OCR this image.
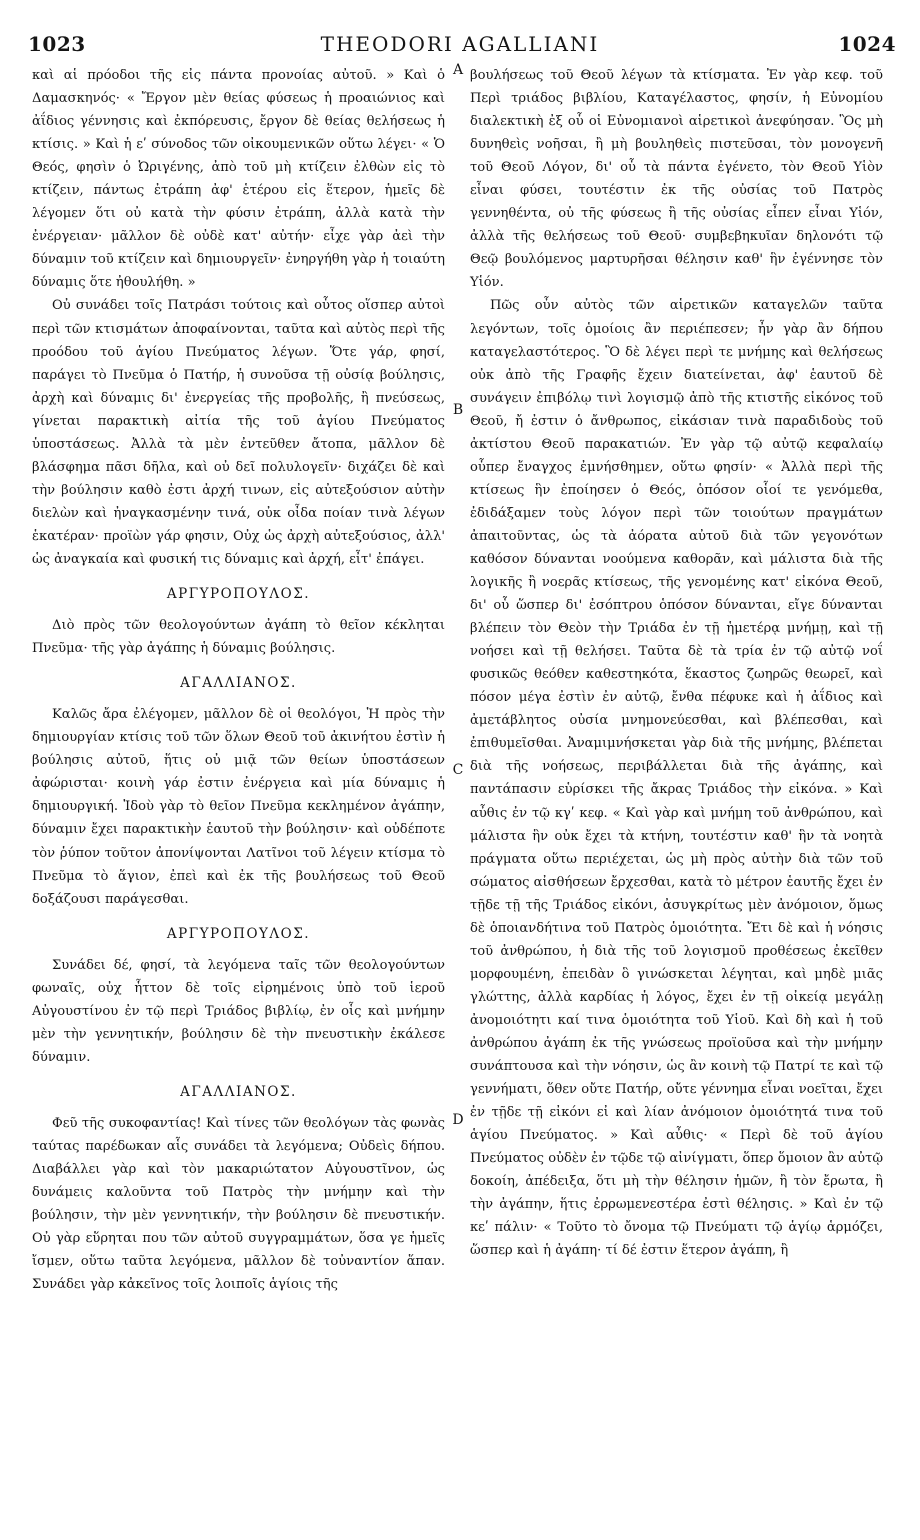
1023	THEODORI AGALLIANI	1024

καὶ αἱ πρόοδοι τῆς εἰς πάντα προνοίας αὐτοῦ. » Καὶ ὁ Δαμασκηνός· « Ἔργον μὲν θείας φύσεως ἡ προαιώνιος καὶ ἀΐδιος γέννησις καὶ ἐκπόρευσις, ἔργον δὲ θείας θελήσεως ἡ κτίσις. » Καὶ ἡ εʹ σύνοδος τῶν οἰκουμενικῶν οὕτω λέγει· « Ὁ Θεός, φησὶν ὁ Ὠριγένης, ἀπὸ τοῦ μὴ κτίζειν ἐλθὼν εἰς τὸ κτίζειν, πάντως ἐτράπη ἀφ' ἑτέρου εἰς ἕτερον, ἡμεῖς δὲ λέγομεν ὅτι οὐ κατὰ τὴν φύσιν ἐτράπη, ἀλλὰ κατὰ τὴν ἐνέργειαν· μᾶλλον δὲ οὐδὲ κατ' αὐτήν· εἶχε γὰρ ἀεὶ τὴν δύναμιν τοῦ κτίζειν καὶ δημιουργεῖν· ἐνηργήθη γὰρ ἡ τοιαύτη δύναμις ὅτε ἠθουλήθη. »

Οὐ συνάδει τοῖς Πατράσι τούτοις καὶ οὗτος οἵσπερ αὐτοὶ περὶ τῶν κτισμάτων ἀποφαίνονται, ταῦτα καὶ αὐτὸς περὶ τῆς προόδου τοῦ ἁγίου Πνεύματος λέγων. Ὅτε γάρ, φησί, παράγει τὸ Πνεῦμα ὁ Πατήρ, ἡ συνοῦσα τῇ οὐσίᾳ βούλησις, ἀρχὴ καὶ δύναμις δι' ἐνεργείας τῆς προβολῆς, ἢ πνεύσεως, γίνεται παρακτικὴ αἰτία τῆς τοῦ ἁγίου Πνεύματος ὑποστάσεως. Ἀλλὰ τὰ μὲν ἐντεῦθεν ἄτοπα, μᾶλλον δὲ βλάσφημα πᾶσι δῆλα, καὶ οὐ δεῖ πολυλογεῖν· διχάζει δὲ καὶ τὴν βούλησιν καθὸ ἐστι ἀρχή τινων, εἰς αὐτεξούσιον αὐτὴν διελὼν καὶ ἠναγκασμένην τινά, οὐκ οἶδα ποίαν τινὰ λέγων ἑκατέραν· προϊὼν γάρ φησιν, Οὐχ ὡς ἀρχὴ αὐτεξούσιος, ἀλλ' ὡς ἀναγκαία καὶ φυσική τις δύναμις καὶ ἀρχή, εἶτ' ἐπάγει.

ΑΡΓΥΡΟΠΟΥΛΟΣ.

Διὸ πρὸς τῶν θεολογούντων ἀγάπη τὸ θεῖον κέκληται Πνεῦμα· τῆς γὰρ ἀγάπης ἡ δύναμις βούλησις.

ΑΓΑΛΛΙΑΝΟΣ.

Καλῶς ἄρα ἐλέγομεν, μᾶλλον δὲ οἱ θεολόγοι, Ἡ πρὸς τὴν δημιουργίαν κτίσις τοῦ τῶν ὅλων Θεοῦ τοῦ ἀκινήτου ἐστὶν ἡ βούλησις αὐτοῦ, ἥτις οὐ μιᾷ τῶν θείων ὑποστάσεων ἀφώρισται· κοινὴ γάρ ἐστιν ἐνέργεια καὶ μία δύναμις ἡ δημιουργική. Ἰδοὺ γὰρ τὸ θεῖον Πνεῦμα κεκλημένον ἀγάπην, δύναμιν ἔχει παρακτικὴν ἑαυτοῦ τὴν βούλησιν· καὶ οὐδέποτε τὸν ῥύπον τοῦτον ἀπονίψονται Λατῖνοι τοῦ λέγειν κτίσμα τὸ Πνεῦμα τὸ ἅγιον, ἐπεὶ καὶ ἐκ τῆς βουλήσεως τοῦ Θεοῦ δοξάζουσι παράγεσθαι.

ΑΡΓΥΡΟΠΟΥΛΟΣ.

Συνάδει δέ, φησί, τὰ λεγόμενα ταῖς τῶν θεολογούντων φωναῖς, οὐχ ἧττον δὲ τοῖς εἰρημένοις ὑπὸ τοῦ ἱεροῦ Αὐγουστίνου ἐν τῷ περὶ Τριάδος βιβλίῳ, ἐν οἷς καὶ μνήμην μὲν τὴν γεννητικήν, βούλησιν δὲ τὴν πνευστικὴν ἐκάλεσε δύναμιν.

ΑΓΑΛΛΙΑΝΟΣ.

Φεῦ τῆς συκοφαντίας! Καὶ τίνες τῶν θεολόγων τὰς φωνὰς ταύτας παρέδωκαν αἷς συνάδει τὰ λεγόμενα; Οὐδεὶς δήπου. Διαβάλλει γὰρ καὶ τὸν μακαριώτατον Αὐγουστῖνον, ὡς δυνάμεις καλοῦντα τοῦ Πατρὸς τὴν μνήμην καὶ τὴν βούλησιν, τὴν μὲν γεννητικήν, τὴν βούλησιν δὲ πνευστικήν. Οὐ γὰρ εὕρηται που τῶν αὐτοῦ συγγραμμάτων, ὅσα γε ἡμεῖς ἴσμεν, οὕτω ταῦτα λεγόμενα, μᾶλλον δὲ τοὐναντίον ἅπαν. Συνάδει γὰρ κἀκεῖνος τοῖς λοιποῖς ἁγίοις τῆς

A
B
C
D

βουλήσεως τοῦ Θεοῦ λέγων τὰ κτίσματα. Ἐν γὰρ κεφ. τοῦ Περὶ τριάδος βιβλίου, Καταγέλαστος, φησίν, ἡ Εὐνομίου διαλεκτικὴ ἐξ οὗ οἱ Εὐνομιανοὶ αἱρετικοὶ ἀνεφύησαν. Ὃς μὴ δυνηθεὶς νοῆσαι, ἢ μὴ βουληθεὶς πιστεῦσαι, τὸν μονογενῆ τοῦ Θεοῦ Λόγον, δι' οὗ τὰ πάντα ἐγένετο, τὸν Θεοῦ Υἱὸν εἶναι φύσει, τουτέστιν ἐκ τῆς οὐσίας τοῦ Πατρὸς γεννηθέντα, οὐ τῆς φύσεως ἢ τῆς οὐσίας εἶπεν εἶναι Υἱόν, ἀλλὰ τῆς θελήσεως τοῦ Θεοῦ· συμβεβηκυῖαν δηλονότι τῷ Θεῷ βουλόμενος μαρτυρῆσαι θέλησιν καθ' ἣν ἐγέννησε τὸν Υἱόν.

Πῶς οὖν αὐτὸς τῶν αἱρετικῶν καταγελῶν ταῦτα λεγόντων, τοῖς ὁμοίοις ἂν περιέπεσεν; ἦν γὰρ ἂν δήπου καταγελαστότερος. Ὃ δὲ λέγει περὶ τε μνήμης καὶ θελήσεως οὐκ ἀπὸ τῆς Γραφῆς ἔχειν διατείνεται, ἀφ' ἑαυτοῦ δὲ συνάγειν ἐπιβόλῳ τινὶ λογισμῷ ἀπὸ τῆς κτιστῆς εἰκόνος τοῦ Θεοῦ, ἤ ἐστιν ὁ ἄνθρωπος, εἰκάσιαν τινὰ παραδιδοὺς τοῦ ἀκτίστου Θεοῦ παρακατιών. Ἐν γὰρ τῷ αὐτῷ κεφαλαίῳ οὗπερ ἔναγχος ἐμνήσθημεν, οὕτω φησίν· « Ἀλλὰ περὶ τῆς κτίσεως ἣν ἐποίησεν ὁ Θεός, ὁπόσον οἷοί τε γενόμεθα, ἐδιδάξαμεν τοὺς λόγον περὶ τῶν τοιούτων πραγμάτων ἀπαιτοῦντας, ὡς τὰ ἀόρατα αὐτοῦ διὰ τῶν γεγονότων καθόσον δύνανται νοούμενα καθορᾶν, καὶ μάλιστα διὰ τῆς λογικῆς ἢ νοερᾶς κτίσεως, τῆς γενομένης κατ' εἰκόνα Θεοῦ, δι' οὗ ὥσπερ δι' ἐσόπτρου ὁπόσον δύνανται, εἴγε δύνανται βλέπειν τὸν Θεὸν τὴν Τριάδα ἐν τῇ ἡμετέρᾳ μνήμῃ, καὶ τῇ νοήσει καὶ τῇ θελήσει. Ταῦτα δὲ τὰ τρία ἐν τῷ αὐτῷ νοΐ φυσικῶς θεόθεν καθεστηκότα, ἕκαστος ζωηρῶς θεωρεῖ, καὶ πόσον μέγα ἐστὶν ἐν αὐτῷ, ἔνθα πέφυκε καὶ ἡ ἀΐδιος καὶ ἀμετάβλητος οὐσία μνημονεύεσθαι, καὶ βλέπεσθαι, καὶ ἐπιθυμεῖσθαι. Ἀναμιμνήσκεται γὰρ διὰ τῆς μνήμης, βλέπεται διὰ τῆς νοήσεως, περιβάλλεται διὰ τῆς ἀγάπης, καὶ παντάπασιν εὑρίσκει τῆς ἄκρας Τριάδος τὴν εἰκόνα. » Καὶ αὖθις ἐν τῷ κγʹ κεφ. « Καὶ γὰρ καὶ μνήμη τοῦ ἀνθρώπου, καὶ μάλιστα ἣν οὐκ ἔχει τὰ κτήνη, τουτέστιν καθ' ἣν τὰ νοητὰ πράγματα οὕτω περιέχεται, ὡς μὴ πρὸς αὐτὴν διὰ τῶν τοῦ σώματος αἰσθήσεων ἔρχεσθαι, κατὰ τὸ μέτρον ἑαυτῆς ἔχει ἐν τῇδε τῇ τῆς Τριάδος εἰκόνι, ἀσυγκρίτως μὲν ἀνόμοιον, ὅμως δὲ ὁποιανδήτινα τοῦ Πατρὸς ὁμοιότητα. Ἔτι δὲ καὶ ἡ νόησις τοῦ ἀνθρώπου, ἡ διὰ τῆς τοῦ λογισμοῦ προθέσεως ἐκεῖθεν μορφουμένη, ἐπειδὰν ὃ γινώσκεται λέγηται, καὶ μηδὲ μιᾶς γλώττης, ἀλλὰ καρδίας ἡ λόγος, ἔχει ἐν τῇ οἰκείᾳ μεγάλῃ ἀνομοιότητι καί τινα ὁμοιότητα τοῦ Υἱοῦ. Καὶ δὴ καὶ ἡ τοῦ ἀνθρώπου ἀγάπη ἐκ τῆς γνώσεως προϊοῦσα καὶ τὴν μνήμην συνάπτουσα καὶ τὴν νόησιν, ὡς ἂν κοινὴ τῷ Πατρί τε καὶ τῷ γεννήματι, ὅθεν οὔτε Πατήρ, οὔτε γέννημα εἶναι νοεῖται, ἔχει ἐν τῇδε τῇ εἰκόνι εἰ καὶ λίαν ἀνόμοιον ὁμοιότητά τινα τοῦ ἁγίου Πνεύματος. » Καὶ αὖθις· « Περὶ δὲ τοῦ ἁγίου Πνεύματος οὐδὲν ἐν τῷδε τῷ αἰνίγματι, ὅπερ ὅμοιον ἂν αὐτῷ δοκοίη, ἀπέδειξα, ὅτι μὴ τὴν θέλησιν ἡμῶν, ἢ τὸν ἔρωτα, ἢ τὴν ἀγάπην, ἥτις ἐρρωμενεστέρα ἐστὶ θέλησις. » Καὶ ἐν τῷ κεʹ πάλιν· « Τοῦτο τὸ ὄνομα τῷ Πνεύματι τῷ ἁγίῳ ἁρμόζει, ὥσπερ καὶ ἡ ἀγάπη· τί δέ ἐστιν ἕτερον ἀγάπη, ἢ
